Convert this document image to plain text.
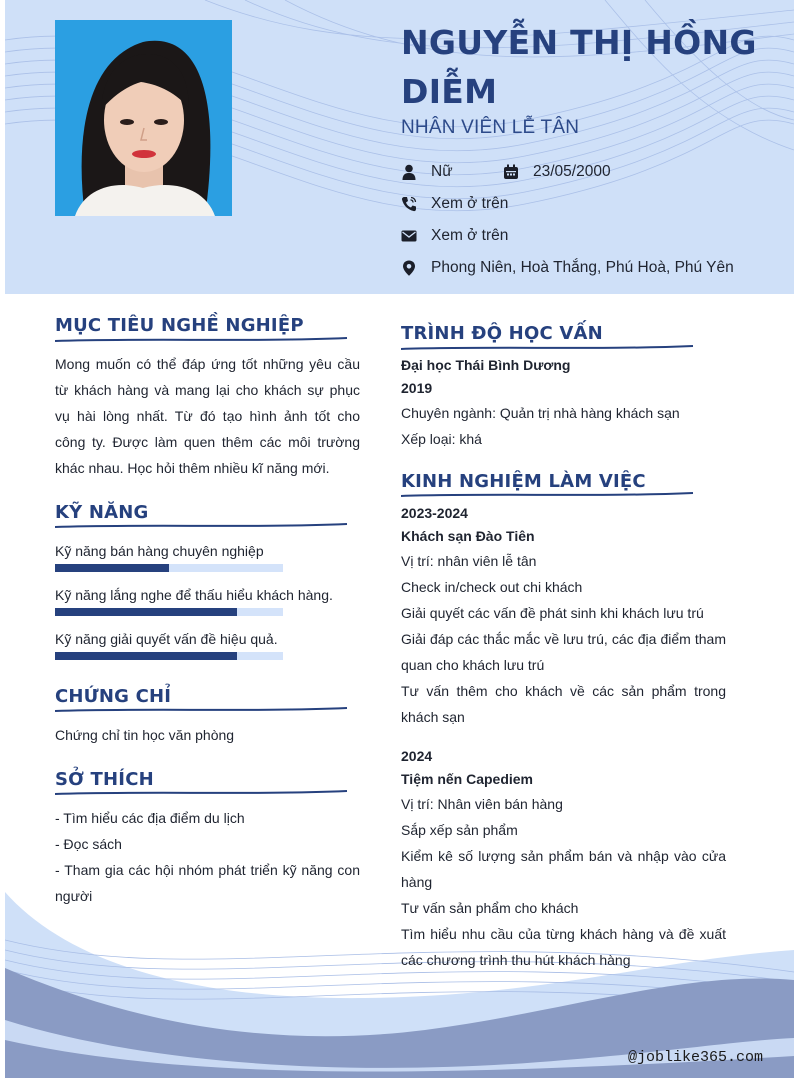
NGUYỄN THỊ HỒNG DIỄM
NHÂN VIÊN LỄ TÂN
Nữ	23/05/2000
Xem ở trên
Xem ở trên
Phong Niên, Hoà Thắng, Phú Hoà, Phú Yên
@joblike365.com
MỤC TIÊU NGHỀ NGHIỆP
Mong muốn có thể đáp ứng tốt những yêu cầu từ khách hàng và mang lại cho khách sự phục vụ hài lòng nhất. Từ đó tạo hình ảnh tốt cho công ty. Được làm quen thêm các môi trường khác nhau. Học hỏi thêm nhiều kĩ năng mới.
KỸ NĂNG
Kỹ năng bán hàng chuyên nghiệp
Kỹ năng lắng nghe để thấu hiểu khách hàng.
Kỹ năng giải quyết vấn đề hiệu quả.
CHỨNG CHỈ
Chứng chỉ tin học văn phòng
SỞ THÍCH
- Tìm hiểu các địa điểm du lịch
- Đọc sách
- Tham gia các hội nhóm phát triển kỹ năng con người
TRÌNH ĐỘ HỌC VẤN
Đại học Thái Bình Dương
2019
Chuyên ngành: Quản trị nhà hàng khách sạn
Xếp loại: khá
KINH NGHIỆM LÀM VIỆC
2023-2024
Khách sạn Đào Tiên
Vị trí: nhân viên lễ tân
Check in/check out chi khách
Giải quyết các vấn đề phát sinh khi khách lưu trú
Giải đáp các thắc mắc về lưu trú, các địa điểm tham quan cho khách lưu trú
Tư vấn thêm cho khách về các sản phẩm trong khách sạn
2024
Tiệm nến Capediem
Vị trí: Nhân viên bán hàng
Sắp xếp sản phẩm
Kiểm kê số lượng sản phẩm bán và nhập vào cửa hàng
Tư vấn sản phẩm cho khách
Tìm hiểu nhu cầu của từng khách hàng và đề xuất các chương trình thu hút khách hàng
